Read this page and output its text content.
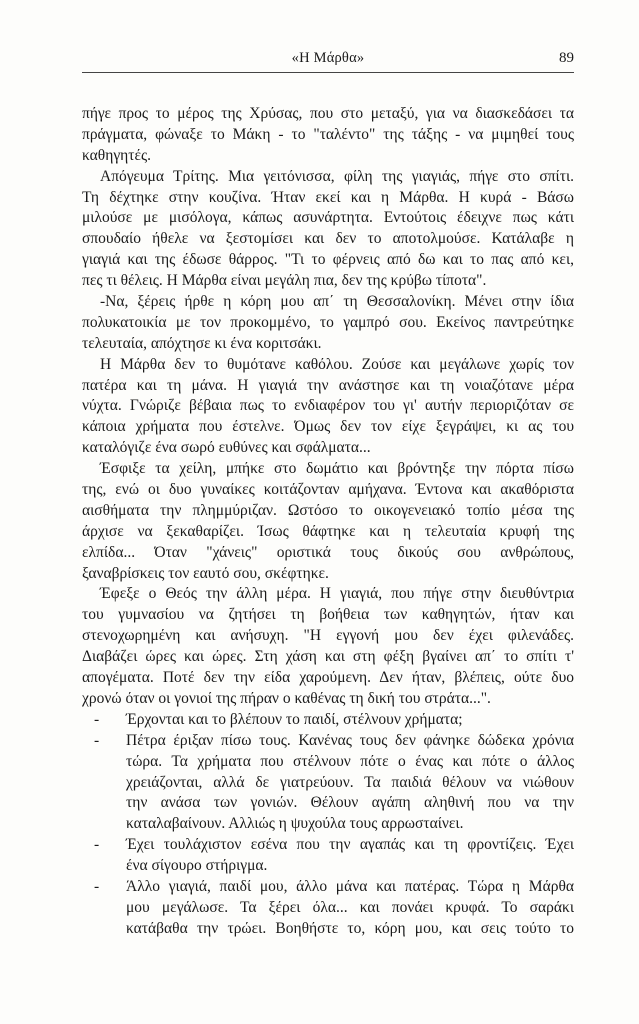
«Η Μάρθα»	89
πήγε προς το μέρος της Χρύσας, που στο μεταξύ, για να διασκεδάσει τα
πράγματα, φώναξε το Μάκη - το "ταλέντο" της τάξης - να μιμηθεί τους
καθηγητές.
Απόγευμα Τρίτης. Μια γειτόνισσα, φίλη της γιαγιάς, πήγε στο σπίτι.
Τη δέχτηκε στην κουζίνα. Ήταν εκεί και η Μάρθα. Η κυρά - Βάσω
μιλούσε με μισόλογα, κάπως ασυνάρτητα. Εντούτοις έδειχνε πως κάτι
σπουδαίο ήθελε να ξεστομίσει και δεν το αποτολμούσε. Κατάλαβε η
γιαγιά και της έδωσε θάρρος. "Τι το φέρνεις από δω και το πας από κει,
πες τι θέλεις. Η Μάρθα είναι μεγάλη πια, δεν της κρύβω τίποτα".
-Να, ξέρεις ήρθε η κόρη μου απ΄ τη Θεσσαλονίκη. Μένει στην ίδια
πολυκατοικία με τον προκομμένο, το γαμπρό σου. Εκείνος παντρεύτηκε
τελευταία, απόχτησε κι ένα κοριτσάκι.
Η Μάρθα δεν το θυμότανε καθόλου. Ζούσε και μεγάλωνε χωρίς τον
πατέρα και τη μάνα. Η γιαγιά την ανάστησε και τη νοιαζότανε μέρα
νύχτα. Γνώριζε βέβαια πως το ενδιαφέρον του γι' αυτήν περιοριζόταν σε
κάποια χρήματα που έστελνε. Όμως δεν τον είχε ξεγράψει, κι ας του
καταλόγιζε ένα σωρό ευθύνες και σφάλματα...
Έσφιξε τα χείλη, μπήκε στο δωμάτιο και βρόντηξε την πόρτα πίσω
της, ενώ οι δυο γυναίκες κοιτάζονταν αμήχανα. Έντονα και ακαθόριστα
αισθήματα την πλημμύριζαν. Ωστόσο το οικογενειακό τοπίο μέσα της
άρχισε να ξεκαθαρίζει. Ίσως θάφτηκε και η τελευταία κρυφή της
ελπίδα... Όταν "χάνεις" οριστικά τους δικούς σου ανθρώπους,
ξαναβρίσκεις τον εαυτό σου, σκέφτηκε.
Έφεξε ο Θεός την άλλη μέρα. Η γιαγιά, που πήγε στην διευθύντρια
του γυμνασίου να ζητήσει τη βοήθεια των καθηγητών, ήταν και
στενοχωρημένη και ανήσυχη. "Η εγγονή μου δεν έχει φιλενάδες.
Διαβάζει ώρες και ώρες. Στη χάση και στη φέξη βγαίνει απ΄ το σπίτι τ'
απογέματα. Ποτέ δεν την είδα χαρούμενη. Δεν ήταν, βλέπεις, ούτε δυο
χρονώ όταν οι γονιοί της πήραν ο καθένας τη δική του στράτα...".
- Έρχονται και το βλέπουν το παιδί, στέλνουν χρήματα;
- Πέτρα έριξαν πίσω τους. Κανένας τους δεν φάνηκε δώδεκα χρόνια
τώρα. Τα χρήματα που στέλνουν πότε ο ένας και πότε ο άλλος
χρειάζονται, αλλά δε γιατρεύουν. Τα παιδιά θέλουν να νιώθουν
την ανάσα των γονιών. Θέλουν αγάπη αληθινή που να την
καταλαβαίνουν. Αλλιώς η ψυχούλα τους αρρωσταίνει.
- Έχει τουλάχιστον εσένα που την αγαπάς και τη φροντίζεις. Έχει
ένα σίγουρο στήριγμα.
- Άλλο γιαγιά, παιδί μου, άλλο μάνα και πατέρας. Τώρα η Μάρθα
μου μεγάλωσε. Τα ξέρει όλα... και πονάει κρυφά. Το σαράκι
κατάβαθα την τρώει. Βοηθήστε το, κόρη μου, και σεις τούτο το
